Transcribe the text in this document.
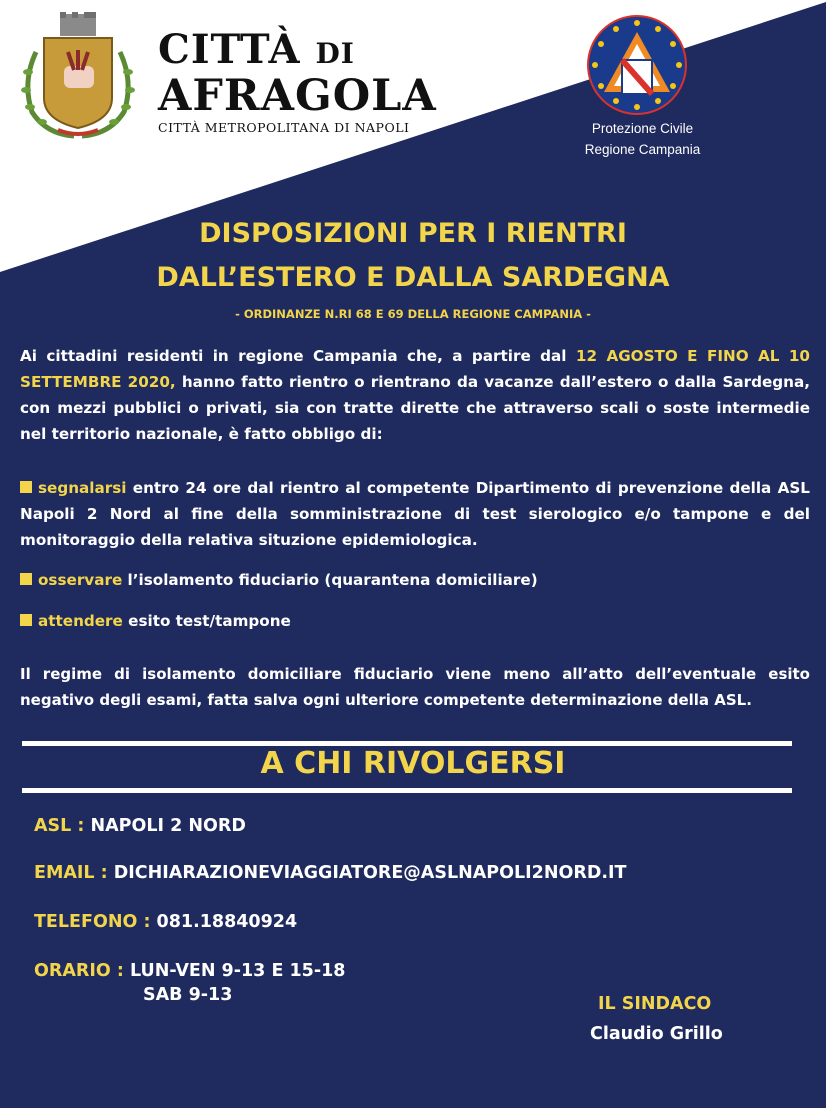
CITTÀ DI
AFRAGOLA
CITTÀ METROPOLITANA DI NAPOLI	Protezione Civile
Regione Campania
DISPOSIZIONI PER I RIENTRI
DALL’ESTERO E DALLA SARDEGNA
- ORDINANZE N.RI 68 E 69 DELLA REGIONE CAMPANIA -
Ai cittadini residenti in regione Campania che, a partire dal 12 AGOSTO E FINO AL 10 SETTEMBRE 2020, hanno fatto rientro o rientrano da vacanze dall’estero o dalla Sardegna, con mezzi pubblici o privati, sia con tratte dirette che attraverso scali o soste intermedie nel territorio nazionale, è fatto obbligo di:
segnalarsi entro 24 ore dal rientro al competente Dipartimento di prevenzione della ASL Napoli 2 Nord al fine della somministrazione di test sierologico e/o tampone e del monitoraggio della relativa situzione epidemiologica.
osservare l’isolamento fiduciario (quarantena domiciliare)
attendere esito test/tampone
Il regime di isolamento domiciliare fiduciario viene meno all’atto dell’eventuale esito negativo degli esami, fatta salva ogni ulteriore competente determinazione della ASL.
A CHI RIVOLGERSI
ASL : NAPOLI 2 NORD
EMAIL : DICHIARAZIONEVIAGGIATORE@ASLNAPOLI2NORD.IT
TELEFONO : 081.18840924
ORARIO : LUN-VEN 9-13 E 15-18
SAB 9-13	IL SINDACO
Claudio Grillo
